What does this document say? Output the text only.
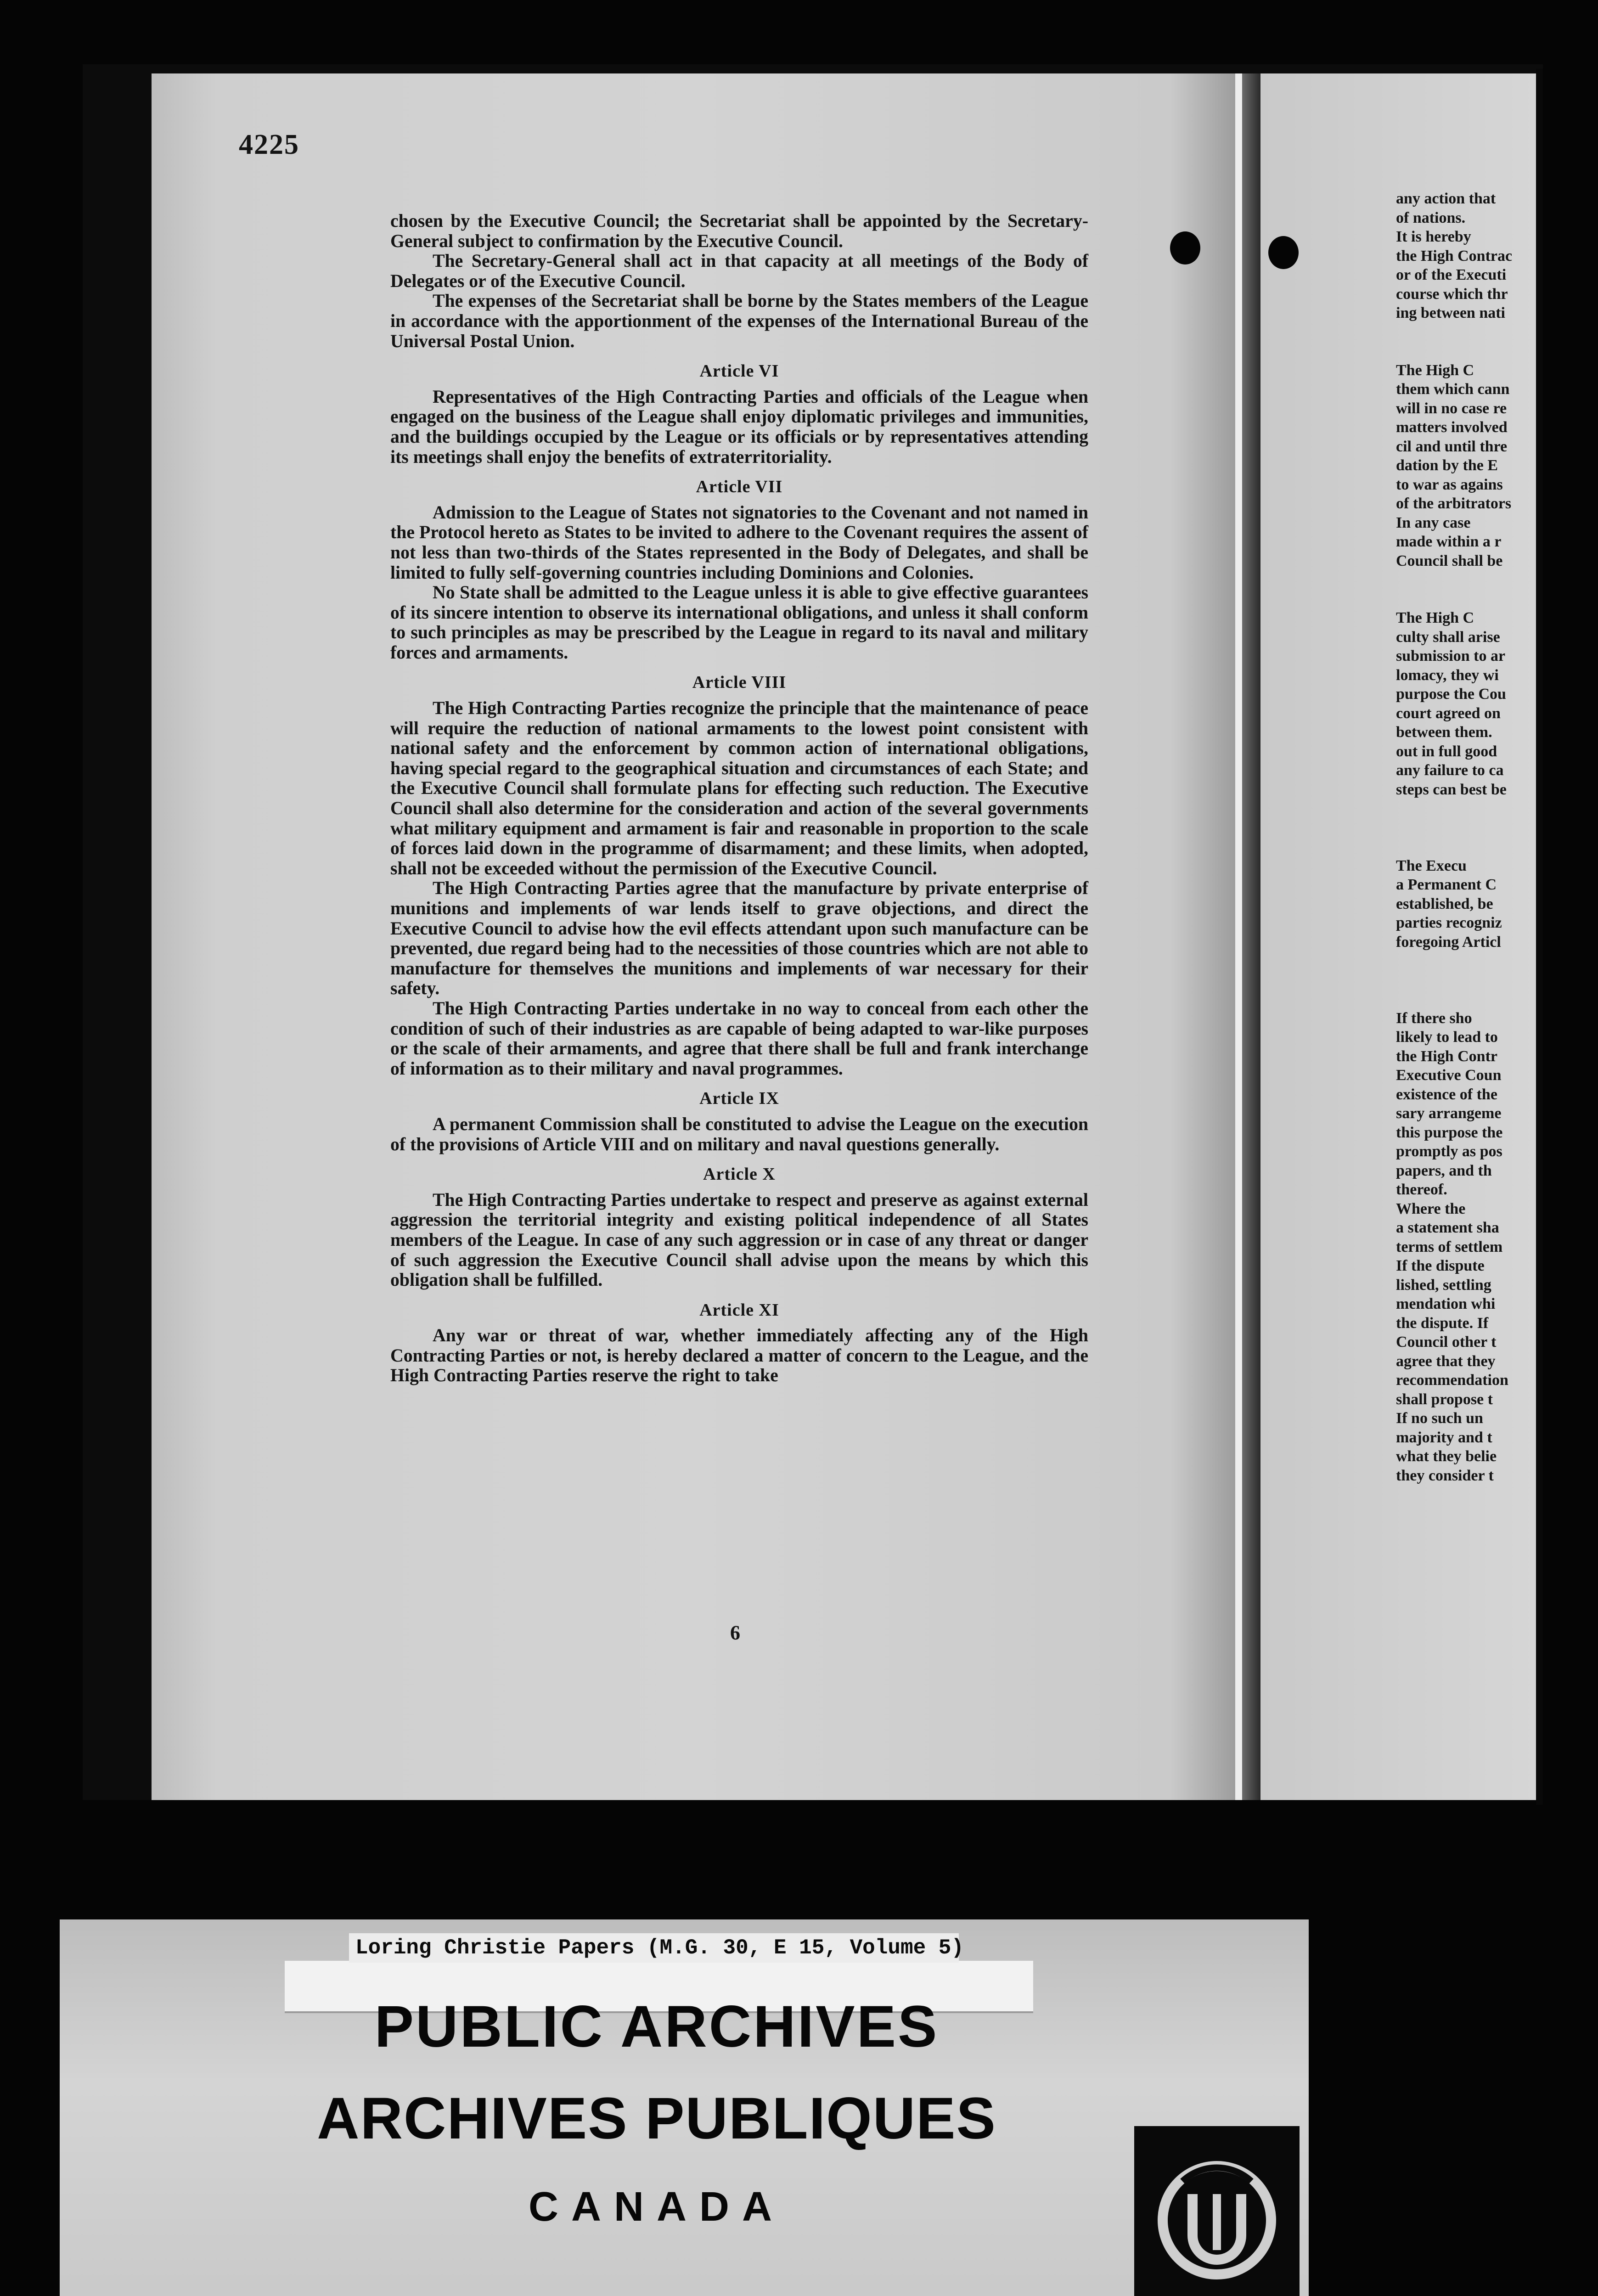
4225

chosen by the Executive Council; the Secretariat shall be appointed by the Secretary-General subject to confirmation by the Executive Council.

The Secretary-General shall act in that capacity at all meetings of the Body of Delegates or of the Executive Council.

The expenses of the Secretariat shall be borne by the States members of the League in accordance with the apportionment of the expenses of the International Bureau of the Universal Postal Union.

Article VI

Representatives of the High Contracting Parties and officials of the League when engaged on the business of the League shall enjoy diplomatic privileges and immunities, and the buildings occupied by the League or its officials or by representatives attending its meetings shall enjoy the benefits of extraterritoriality.

Article VII

Admission to the League of States not signatories to the Covenant and not named in the Protocol hereto as States to be invited to adhere to the Covenant requires the assent of not less than two-thirds of the States represented in the Body of Delegates, and shall be limited to fully self-governing countries including Dominions and Colonies.

No State shall be admitted to the League unless it is able to give effective guarantees of its sincere intention to observe its international obligations, and unless it shall conform to such principles as may be prescribed by the League in regard to its naval and military forces and armaments.

Article VIII

The High Contracting Parties recognize the principle that the maintenance of peace will require the reduction of national armaments to the lowest point consistent with national safety and the enforcement by common action of international obligations, having special regard to the geographical situation and circumstances of each State; and the Executive Council shall formulate plans for effecting such reduction. The Executive Council shall also determine for the consideration and action of the several governments what military equipment and armament is fair and reasonable in proportion to the scale of forces laid down in the programme of disarmament; and these limits, when adopted, shall not be exceeded without the permission of the Executive Council.

The High Contracting Parties agree that the manufacture by private enterprise of munitions and implements of war lends itself to grave objections, and direct the Executive Council to advise how the evil effects attendant upon such manufacture can be prevented, due regard being had to the necessities of those countries which are not able to manufacture for themselves the munitions and implements of war necessary for their safety.

The High Contracting Parties undertake in no way to conceal from each other the condition of such of their industries as are capable of being adapted to war-like purposes or the scale of their armaments, and agree that there shall be full and frank interchange of information as to their military and naval programmes.

Article IX

A permanent Commission shall be constituted to advise the League on the execution of the provisions of Article VIII and on military and naval questions generally.

Article X

The High Contracting Parties undertake to respect and preserve as against external aggression the territorial integrity and existing political independence of all States members of the League. In case of any such aggression or in case of any threat or danger of such aggression the Executive Council shall advise upon the means by which this obligation shall be fulfilled.

Article XI

Any war or threat of war, whether immediately affecting any of the High Contracting Parties or not, is hereby declared a matter of concern to the League, and the High Contracting Parties reserve the right to take

6
any action that
of nations.
It is hereby
the High Contrac
or of the Executi
course which thr
ing between nati
The High C
them which cann
will in no case re
matters involved
cil and until thre
dation by the E
to war as agains
of the arbitrators
In any case
made within a r
Council shall be
The High C
culty shall arise
submission to ar
lomacy, they wi
purpose the Cou
court agreed on
between them.
out in full good
any failure to ca
steps can best be
The Execu
a Permanent C
established, be
parties recogniz
foregoing Articl
If there sho
likely to lead to
the High Contr
Executive Coun
existence of the
sary arrangeme
this purpose the
promptly as pos
papers, and th
thereof.
Where the
a statement sha
terms of settlem
If the dispute
lished, settling
mendation whi
the dispute. If
Council other t
agree that they
recommendation
shall propose t
If no such un
majority and t
what they belie
they consider t
Loring Christie Papers (M.G. 30, E 15, Volume 5)
PUBLIC ARCHIVES
ARCHIVES PUBLIQUES
CANADA
